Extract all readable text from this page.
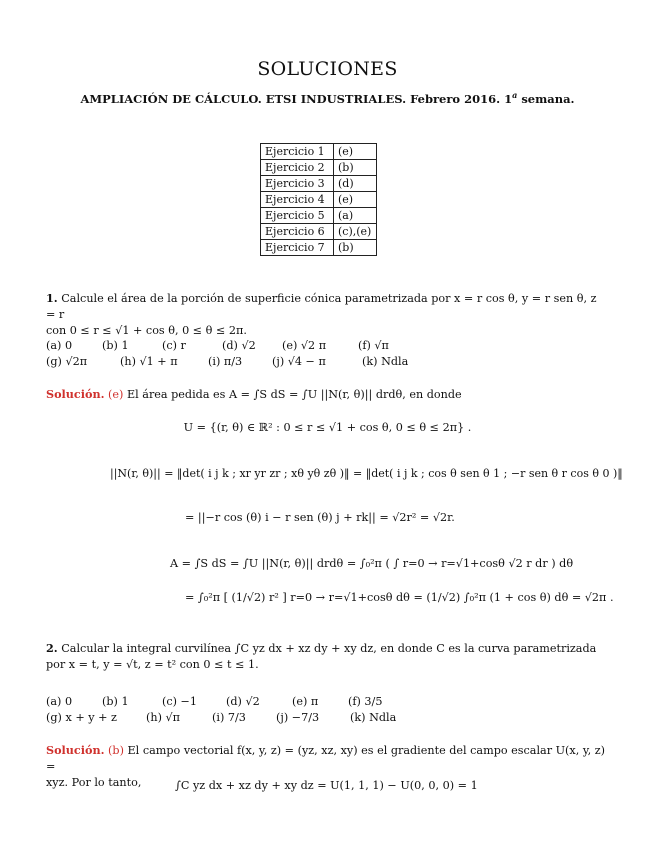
SOLUCIONES
AMPLIACIÓN DE CÁLCULO. ETSI INDUSTRIALES. Febrero 2016. 1$^a$ semana.
Ejercicio 1	(e)
Ejercicio 2	(b)
Ejercicio 3	(d)
Ejercicio 4	(e)
Ejercicio 5	(a)
Ejercicio 6	(c),(e)
Ejercicio 7	(b)
1. Calcule el área de la porción de superficie cónica parametrizada por x = r cos θ, y = r sen θ, z = r
con 0 ≤ r ≤ √1 + cos θ, 0 ≤ θ ≤ 2π.
(a) 0	(b) 1	(c) r	(d) √2 (e) √2 π	(f) √π
(g) √2π	(h) √1 + π	(i) π/3	(j) √4 − π	(k) Ndla
Solución. (e) El área pedida es A = ∫S dS = ∫U ||N(r, θ)|| drdθ, en donde
U = {(r, θ) ∈ ℝ² : 0 ≤ r ≤ √1 + cos θ, 0 ≤ θ ≤ 2π} .
||N(r, θ)|| = ‖det( i j k ; xr yr zr ; xθ yθ zθ )‖ = ‖det( i j k ; cos θ sen θ 1 ; −r sen θ r cos θ 0 )‖
= ||−r cos (θ) i − r sen (θ) j + rk|| = √2r² = √2r.
A = ∫S dS = ∫U ||N(r, θ)|| drdθ = ∫₀²π ( ∫ r=0 → r=√1+cosθ √2 r dr ) dθ
= ∫₀²π [ (1/√2) r² ] r=0 → r=√1+cosθ dθ = (1/√2) ∫₀²π (1 + cos θ) dθ = √2π .
2. Calcular la integral curvilínea ∫C yz dx + xz dy + xy dz, en donde C es la curva parametrizada
por x = t, y = √t, z = t² con 0 ≤ t ≤ 1.
(a) 0	(b) 1	(c) −1	(d) √2	(e) π	(f) 3/5
(g) x + y + z	(h) √π	(i) 7/3	(j) −7/3	(k) Ndla
Solución. (b) El campo vectorial f(x, y, z) = (yz, xz, xy) es el gradiente del campo escalar U(x, y, z) =
xyz. Por lo tanto,	∫C yz dx + xz dy + xy dz = U(1, 1, 1) − U(0, 0, 0) = 1
